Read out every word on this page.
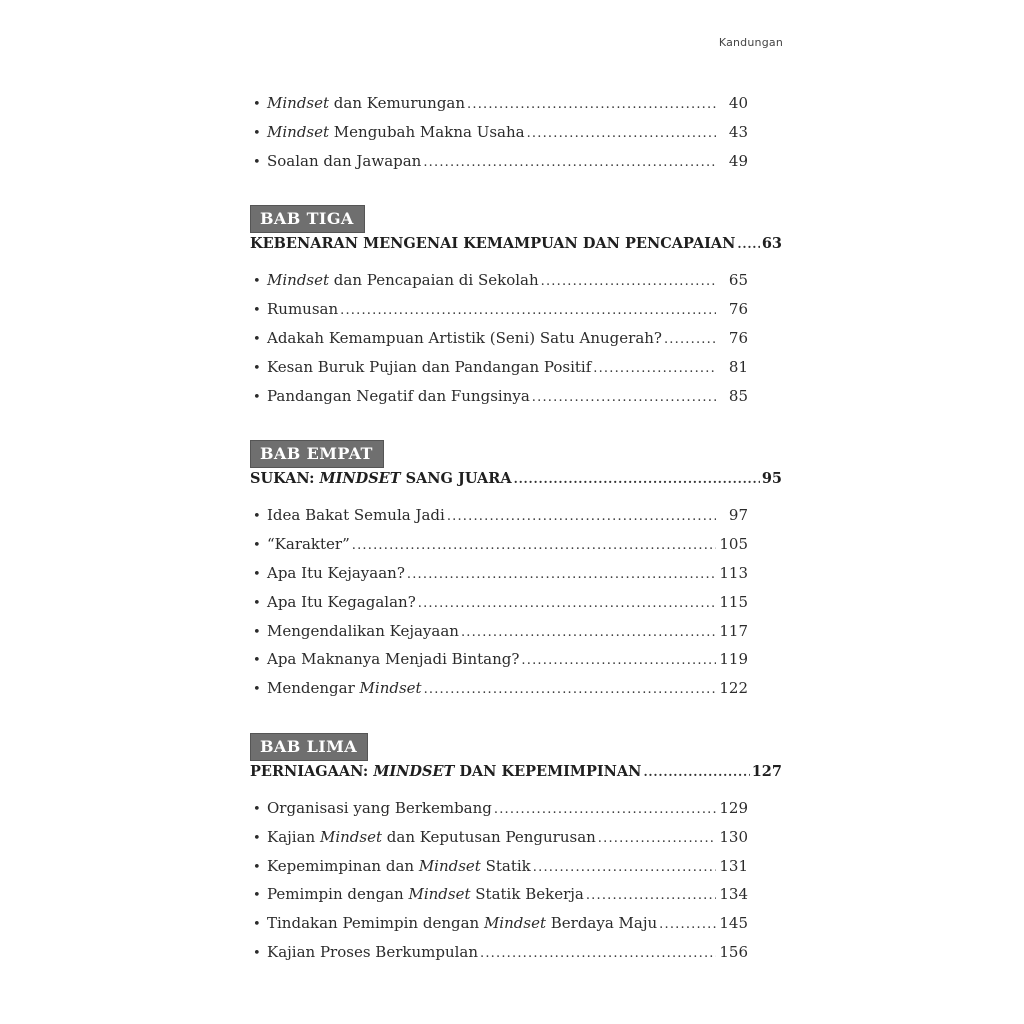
Kandungan
• Mindset dan Kemurungan .....	40
• Mindset Mengubah Makna Usaha .....	43
• Soalan dan Jawapan .....	49
BAB TIGA
KEBENARAN MENGENAI KEMAMPUAN DAN PENCAPAIAN ..... 63
• Mindset dan Pencapaian di Sekolah .....	65
• Rumusan .....	76
• Adakah Kemampuan Artistik (Seni) Satu Anugerah? .....	76
• Kesan Buruk Pujian dan Pandangan Positif .....	81
• Pandangan Negatif dan Fungsinya .....	85
BAB EMPAT
SUKAN: MINDSET SANG JUARA .....	95
• Idea Bakat Semula Jadi .....	97
• “Karakter” .....	105
• Apa Itu Kejayaan? .....	113
• Apa Itu Kegagalan? .....	115
• Mengendalikan Kejayaan .....	117
• Apa Maknanya Menjadi Bintang? .....	119
• Mendengar Mindset .....	122
BAB LIMA
PERNIAGAAN: MINDSET DAN KEPEMIMPINAN .....	127
• Organisasi yang Berkembang .....	129
• Kajian Mindset dan Keputusan Pengurusan .....	130
• Kepemimpinan dan Mindset Statik .....	131
• Pemimpin dengan Mindset Statik Bekerja .....	134
• Tindakan Pemimpin dengan Mindset Berdaya Maju .....	145
• Kajian Proses Berkumpulan .....	156
